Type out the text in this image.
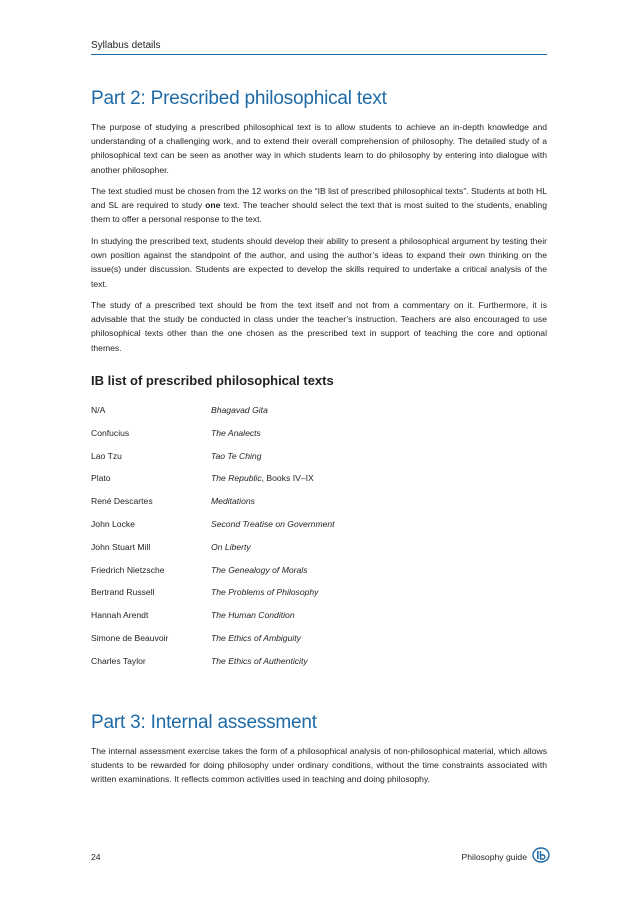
Syllabus details
Part 2: Prescribed philosophical text

The purpose of studying a prescribed philosophical text is to allow students to achieve an in-depth knowledge and understanding of a challenging work, and to extend their overall comprehension of philosophy. The detailed study of a philosophical text can be seen as another way in which students learn to do philosophy by entering into dialogue with another philosopher.

The text studied must be chosen from the 12 works on the “IB list of prescribed philosophical texts”. Students at both HL and SL are required to study one text. The teacher should select the text that is most suited to the students, enabling them to offer a personal response to the text.

In studying the prescribed text, students should develop their ability to present a philosophical argument by testing their own position against the standpoint of the author, and using the author’s ideas to expand their own thinking on the issue(s) under discussion. Students are expected to develop the skills required to undertake a critical analysis of the text.

The study of a prescribed text should be from the text itself and not from a commentary on it. Furthermore, it is advisable that the study be conducted in class under the teacher’s instruction. Teachers are also encouraged to use philosophical texts other than the one chosen as the prescribed text in support of teaching the core and optional themes.

IB list of prescribed philosophical texts
N/A	Bhagavad Gita
Confucius	The Analects
Lao Tzu	Tao Te Ching
Plato	The Republic, Books IV–IX
René Descartes	Meditations
John Locke	Second Treatise on Government
John Stuart Mill	On Liberty
Friedrich Nietzsche	The Genealogy of Morals
Bertrand Russell	The Problems of Philosophy
Hannah Arendt	The Human Condition
Simone de Beauvoir	The Ethics of Ambiguity
Charles Taylor	The Ethics of Authenticity
Part 3: Internal assessment

The internal assessment exercise takes the form of a philosophical analysis of non-philosophical material, which allows students to be rewarded for doing philosophy under ordinary conditions, without the time constraints associated with written examinations. It reflects common activities used in teaching and doing philosophy.

24	Philosophy guide
